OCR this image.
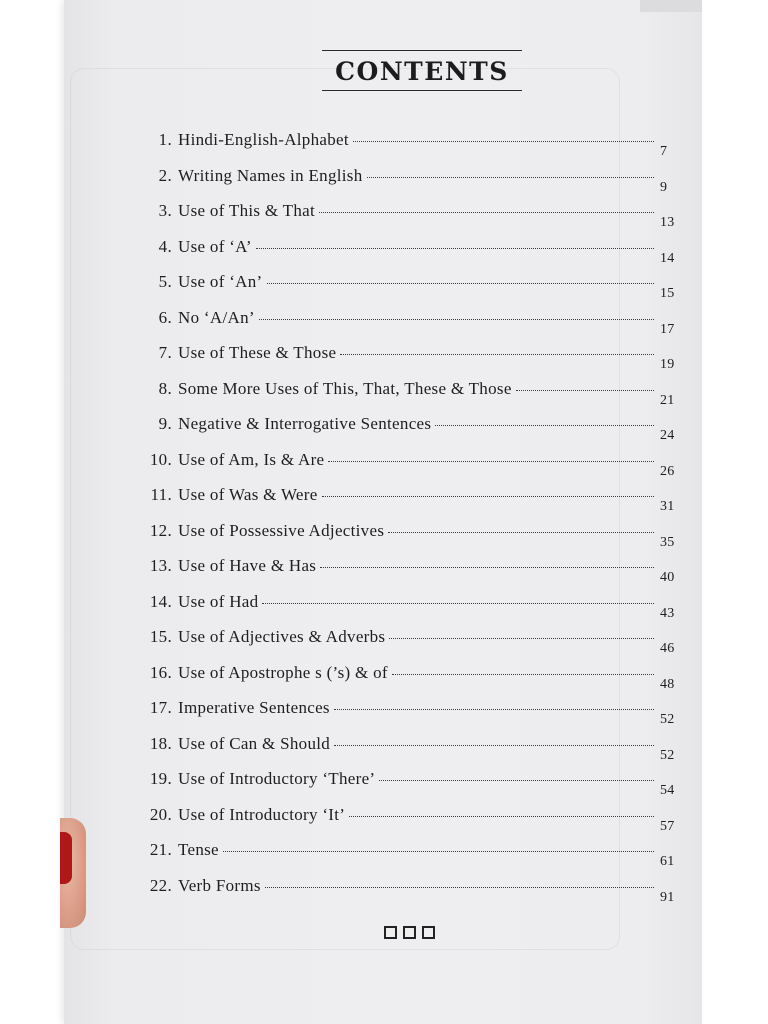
CONTENTS
1. Hindi-English-Alphabet
7
2. Writing Names in English
9
3. Use of This & That
13
4. Use of ‘A’
14
5. Use of ‘An’
15
6. No ‘A/An’
17
7. Use of These & Those
19
8. Some More Uses of This, That, These & Those
21
9. Negative & Interrogative Sentences
24
10. Use of Am, Is & Are
26
11. Use of Was & Were
31
12. Use of Possessive Adjectives
35
13. Use of Have & Has
40
14. Use of Had
43
15. Use of Adjectives & Adverbs
46
16. Use of Apostrophe s (’s) & of
48
17. Imperative Sentences
52
18. Use of Can & Should
52
19. Use of Introductory ‘There’
54
20. Use of Introductory ‘It’
57
21. Tense
61
22. Verb Forms
91
